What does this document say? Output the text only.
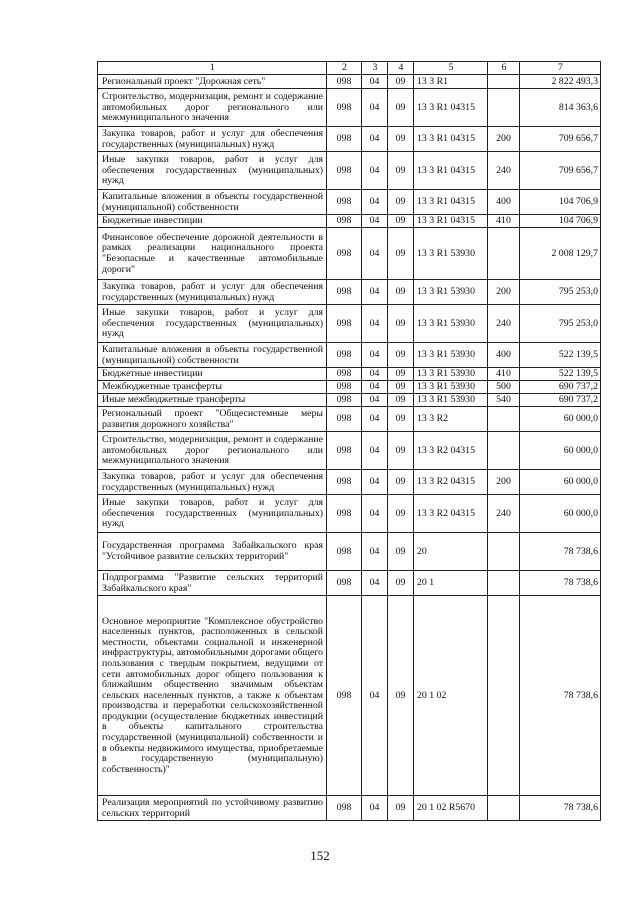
1	2	3	4	5	6	7
Региональный проект "Дорожная сеть"	098	04	09	13 3 R1		2 822 493,3
Строительство, модернизация, ремонт и содержание автомобильных дорог регионального или межмуниципального значения	098	04	09	13 3 R1 04315		814 363,6
Закупка товаров, работ и услуг для обеспечения государственных (муниципальных) нужд	098	04	09	13 3 R1 04315	200	709 656,7
Иные закупки товаров, работ и услуг для обеспечения государственных (муниципальных) нужд	098	04	09	13 3 R1 04315	240	709 656,7
Капитальные вложения в объекты государственной (муниципальной) собственности	098	04	09	13 3 R1 04315	400	104 706,9
Бюджетные инвестиции	098	04	09	13 3 R1 04315	410	104 706,9
Финансовое обеспечение дорожной деятельности в рамках реализации национального проекта "Безопасные и качественные автомобильные дороги"	098	04	09	13 3 R1 53930		2 008 129,7
Закупка товаров, работ и услуг для обеспечения государственных (муниципальных) нужд	098	04	09	13 3 R1 53930	200	795 253,0
Иные закупки товаров, работ и услуг для обеспечения государственных (муниципальных) нужд	098	04	09	13 3 R1 53930	240	795 253,0
Капитальные вложения в объекты государственной (муниципальной) собственности	098	04	09	13 3 R1 53930	400	522 139,5
Бюджетные инвестиции	098	04	09	13 3 R1 53930	410	522 139,5
Межбюджетные трансферты	098	04	09	13 3 R1 53930	500	690 737,2
Иные межбюджетные трансферты	098	04	09	13 3 R1 53930	540	690 737,2
Региональный проект "Общесистемные меры развития дорожного хозяйства"	098	04	09	13 3 R2		60 000,0
Строительство, модернизация, ремонт и содержание автомобильных дорог регионального или межмуниципального значения	098	04	09	13 3 R2 04315		60 000,0
Закупка товаров, работ и услуг для обеспечения государственных (муниципальных) нужд	098	04	09	13 3 R2 04315	200	60 000,0
Иные закупки товаров, работ и услуг для обеспечения государственных (муниципальных) нужд	098	04	09	13 3 R2 04315	240	60 000,0
Государственная программа Забайкальского края "Устойчивое развитие сельских территорий"	098	04	09	20		78 738,6
Подпрограмма "Развитие сельских территорий Забайкальского края"	098	04	09	20 1		78 738,6
Основное мероприятие "Комплексное обустройство населенных пунктов, расположенных в сельской местности, объектами социальной и инженерной инфраструктуры, автомобильными дорогами общего пользования с твердым покрытием, ведущими от сети автомобильных дорог общего пользования к ближайшим общественно значимым объектам сельских населенных пунктов, а также к объектам производства и переработки сельскохозяйственной продукции (осуществление бюджетных инвестиций в объекты капитального строительства государственной (муниципальной) собственности и в объекты недвижимого имущества, приобретаемые в государственную (муниципальную) собственность)"	098	04	09	20 1 02		78 738,6
Реализация мероприятий по устойчивому развитию сельских территорий	098	04	09	20 1 02 R5670		78 738,6
152
